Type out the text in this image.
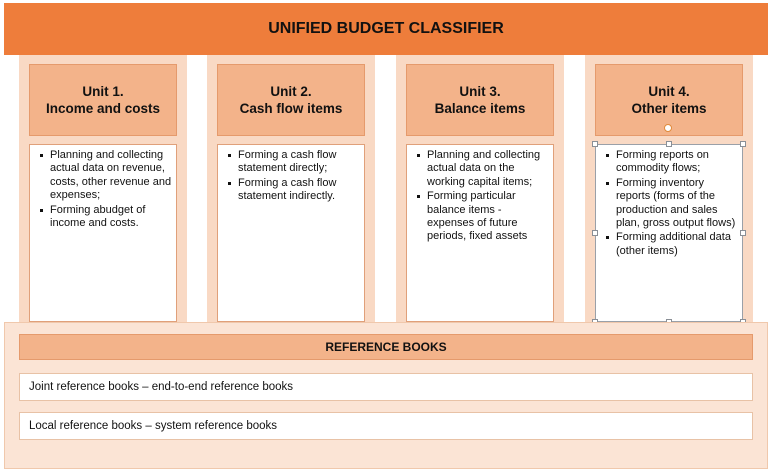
UNIFIED BUDGET CLASSIFIER
Unit 1.
Income and costs
Planning and collecting actual data on revenue, costs, other revenue and expenses;
Forming abudget of income and costs.
Unit 2.
Cash flow items
Forming a cash flow statement directly;
Forming a cash flow statement indirectly.
Unit 3.
Balance items
Planning and collecting actual data on the working capital items;
Forming particular balance items - expenses of future periods, fixed assets
Unit 4.
Other items
Forming reports on commodity flows;
Forming inventory reports (forms of the production and sales plan, gross output flows)
Forming additional data (other items)
REFERENCE BOOKS
Joint reference books – end-to-end reference books
Local reference books – system reference books
